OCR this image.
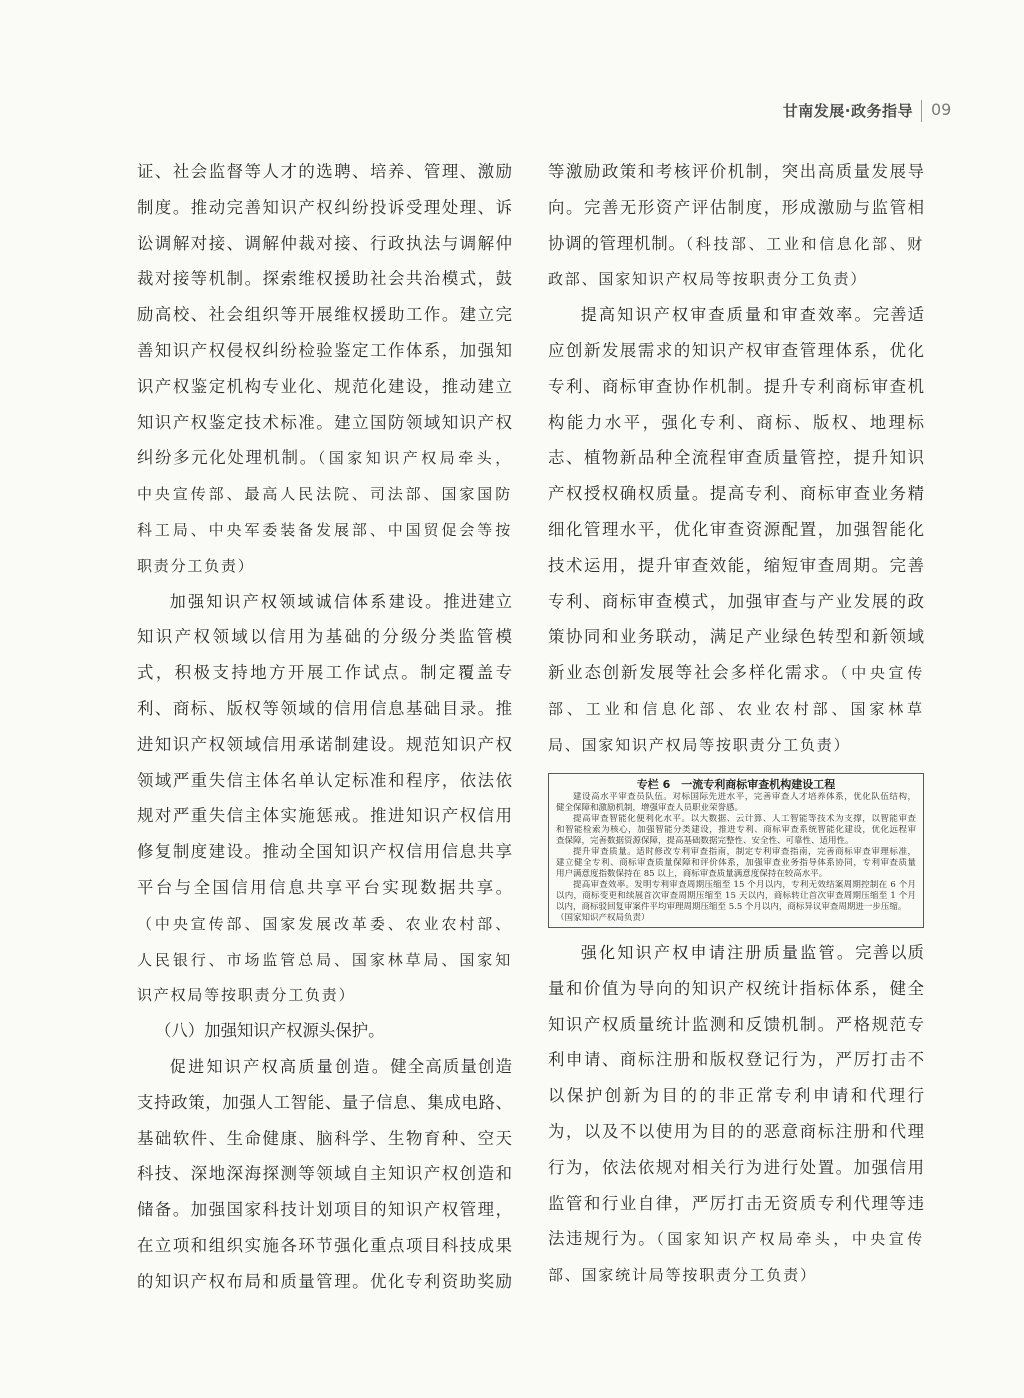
甘南发展·政务指导 09
证、社会监督等人才的选聘、培养、管理、激励
制度。推动完善知识产权纠纷投诉受理处理、诉
讼调解对接、调解仲裁对接、行政执法与调解仲
裁对接等机制。探索维权援助社会共治模式，鼓
励高校、社会组织等开展维权援助工作。建立完
善知识产权侵权纠纷检验鉴定工作体系，加强知
识产权鉴定机构专业化、规范化建设，推动建立
知识产权鉴定技术标准。建立国防领域知识产权
纠纷多元化处理机制。（国家知识产权局牵头，
中央宣传部、最高人民法院、司法部、国家国防
科工局、中央军委装备发展部、中国贸促会等按
职责分工负责）
加强知识产权领域诚信体系建设。推进建立
知识产权领域以信用为基础的分级分类监管模
式，积极支持地方开展工作试点。制定覆盖专
利、商标、版权等领域的信用信息基础目录。推
进知识产权领域信用承诺制建设。规范知识产权
领域严重失信主体名单认定标准和程序，依法依
规对严重失信主体实施惩戒。推进知识产权信用
修复制度建设。推动全国知识产权信用信息共享
平台与全国信用信息共享平台实现数据共享。
（中央宣传部、国家发展改革委、农业农村部、
人民银行、市场监管总局、国家林草局、国家知
识产权局等按职责分工负责）
（八）加强知识产权源头保护。
促进知识产权高质量创造。健全高质量创造
支持政策，加强人工智能、量子信息、集成电路、
基础软件、生命健康、脑科学、生物育种、空天
科技、深地深海探测等领域自主知识产权创造和
储备。加强国家科技计划项目的知识产权管理，
在立项和组织实施各环节强化重点项目科技成果
的知识产权布局和质量管理。优化专利资助奖励
等激励政策和考核评价机制，突出高质量发展导
向。完善无形资产评估制度，形成激励与监管相
协调的管理机制。（科技部、工业和信息化部、财
政部、国家知识产权局等按职责分工负责）
提高知识产权审查质量和审查效率。完善适
应创新发展需求的知识产权审查管理体系，优化
专利、商标审查协作机制。提升专利商标审查机
构能力水平，强化专利、商标、版权、地理标
志、植物新品种全流程审查质量管控，提升知识
产权授权确权质量。提高专利、商标审查业务精
细化管理水平，优化审查资源配置，加强智能化
技术运用，提升审查效能，缩短审查周期。完善
专利、商标审查模式，加强审查与产业发展的政
策协同和业务联动，满足产业绿色转型和新领域
新业态创新发展等社会多样化需求。（中央宣传
部、工业和信息化部、农业农村部、国家林草
局、国家知识产权局等按职责分工负责）
专栏 6 一流专利商标审查机构建设工程
建设高水平审查员队伍。对标国际先进水平，完善审查人才培养体系，优化队伍结构，
健全保障和激励机制，增强审查人员职业荣誉感。
提高审查智能化便利化水平。以大数据、云计算、人工智能等技术为支撑，以智能审查
和智能检索为核心，加强智能分类建设，推进专利、商标审查系统智能化建设，优化远程审
查保障，完善数据资源保障，提高基础数据完整性、安全性、可靠性、适用性。
提升审查质量。适时修改专利审查指南，制定专利审查指南，完善商标审查审理标准，
建立健全专利、商标审查质量保障和评价体系，加强审查业务指导体系协同，专利审查质量
用户满意度指数保持在 85 以上，商标审查质量满意度保持在较高水平。
提高审查效率。发明专利审查周期压缩至 15 个月以内，专利无效结案周期控制在 6 个月
以内，商标变更和续展首次审查周期压缩至 15 天以内，商标转让首次审查周期压缩至 1 个月
以内，商标驳回复审案件平均审理周期压缩至 5.5 个月以内，商标异议审查周期进一步压缩。
（国家知识产权局负责）
强化知识产权申请注册质量监管。完善以质
量和价值为导向的知识产权统计指标体系，健全
知识产权质量统计监测和反馈机制。严格规范专
利申请、商标注册和版权登记行为，严厉打击不
以保护创新为目的的非正常专利申请和代理行
为，以及不以使用为目的的恶意商标注册和代理
行为，依法依规对相关行为进行处置。加强信用
监管和行业自律，严厉打击无资质专利代理等违
法违规行为。（国家知识产权局牵头，中央宣传
部、国家统计局等按职责分工负责）
